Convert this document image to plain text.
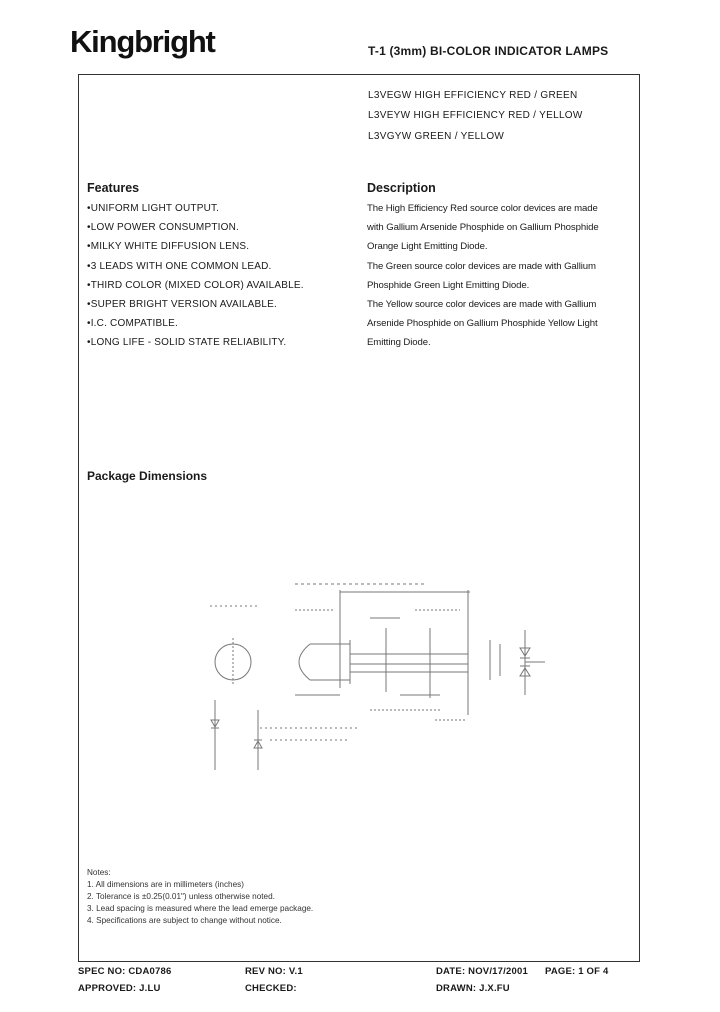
Kingbright	T-1 (3mm) BI-COLOR INDICATOR LAMPS
L3VEGW HIGH EFFICIENCY RED / GREEN
L3VEYW HIGH EFFICIENCY RED / YELLOW
L3VGYW GREEN / YELLOW
Features
•UNIFORM LIGHT OUTPUT.
•LOW POWER CONSUMPTION.
•MILKY WHITE DIFFUSION LENS.
•3 LEADS WITH ONE COMMON LEAD.
•THIRD COLOR (MIXED COLOR) AVAILABLE.
•SUPER BRIGHT VERSION AVAILABLE.
•I.C. COMPATIBLE.
•LONG LIFE - SOLID STATE RELIABILITY.
Description
The High Efficiency Red source color devices are made
with Gallium Arsenide Phosphide on Gallium Phosphide
Orange Light Emitting Diode.
The Green source color devices are made with Gallium
Phosphide Green Light Emitting Diode.
The Yellow source color devices are made with Gallium
Arsenide Phosphide on Gallium Phosphide Yellow Light
Emitting Diode.
Package Dimensions
Notes:
1. All dimensions are in millimeters (inches)
2. Tolerance is ±0.25(0.01") unless otherwise noted.
3. Lead spacing is measured where the lead emerge package.
4. Specifications are subject to change without notice.
SPEC NO: CDA0786	REV NO: V.1	DATE: NOV/17/2001 PAGE: 1 OF 4
APPROVED: J.LU	CHECKED:	DRAWN: J.X.FU
